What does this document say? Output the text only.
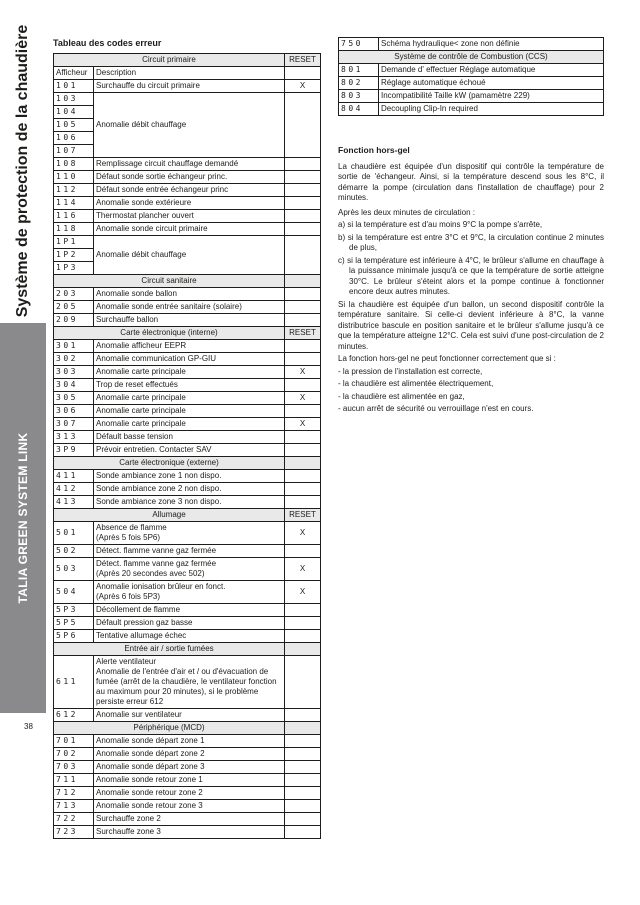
Système de protection de la chaudière
TALIA GREEN SYSTEM LINK
38
Tableau des codes erreur
Circuit primaire		RESET
Afficheur	Description	
101	Surchauffe du circuit primaire	X
103	Anomalie débit chauffage	
104		
105		
106		
107		
108	Remplissage circuit chauffage demandé	
110	Défaut sonde sortie échangeur princ.	
112	Défaut sonde entrée échangeur princ	
114	Anomalie sonde extérieure	
116	Thermostat plancher ouvert	
118	Anomalie sonde circuit primaire	
1P1	Anomalie débit chauffage	
1P2		
1P3		
Circuit sanitaire		
203	Anomalie sonde ballon	
205	Anomalie sonde entrée sanitaire (solaire)	
209	Surchauffe ballon	
Carte électronique (interne)		RESET
301	Anomalie afficheur EEPR	
302	Anomalie communication GP-GIU	
303	Anomalie carte principale	X
304	Trop de reset effectués	
305	Anomalie carte principale	X
306	Anomalie carte principale	
307	Anomalie carte principale	X
313	Défault basse tension	
3P9	Prévoir entretien. Contacter SAV	
Carte électronique (externe)		
411	Sonde ambiance zone 1 non dispo.	
412	Sonde ambiance zone 2 non dispo.	
413	Sonde ambiance zone 3 non dispo.	
Allumage		RESET
501	Absence de flamme
(Après 5 fois 5P6)	X
502	Détect. flamme vanne gaz fermée	
503	Détect. flamme vanne gaz fermée
(Après 20 secondes avec 502)	X
504	Anomalie ionisation brûleur en fonct.
(Après 6 fois 5P3)	X
5P3	Décollement de flamme	
5P5	Défault pression gaz basse	
5P6	Tentative allumage échec	
Entrée air / sortie fumées		
611	Alerte ventilateur
Anomalie de l'entrée d'air et / ou d'évacuation de fumée (arrêt de la chaudière, le ventilateur fonction au maximum pour 20 minutes), si le problème persiste erreur 612	
612	Anomalie sur ventilateur	
Périphérique (MCD)		
701	Anomalie sonde départ zone 1	
702	Anomalie sonde départ zone 2	
703	Anomalie sonde départ zone 3	
711	Anomalie sonde retour zone 1	
712	Anomalie sonde retour zone 2	
713	Anomalie sonde retour zone 3	
722	Surchauffe zone 2	
723	Surchauffe zone 3	
750	Schéma hydraulique< zone non définie
Système de contrôle de Combustion (CCS)	
801	Demande d' effectuer Réglage automatique
802	Réglage automatique échoué
803	Incompatibilité Taille kW (pamamètre 229)
804	Decoupling Clip-In required
Fonction hors-gel

La chaudière est équipée d'un dispositif qui contrôle la température de sortie de 'échangeur. Ainsi, si la température descend sous les 8°C, il démarre la pompe (circulation dans l'installation de chauffage) pour 2 minutes.

Après les deux minutes de circulation :

a) si la température est d'au moins 9°C la pompe s'arrête,

b) si la température est entre 3°C et 9°C, la circulation continue 2 minutes de plus,

c) si la température est inférieure à 4°C, le brûleur s'allume en chauffage à la puissance minimale jusqu'à ce que la température de sortie atteigne 30°C. Le brûleur s'éteint alors et la pompe continue à fonctionner encore deux autres minutes.

Si la chaudière est équipée d'un ballon, un second dispositif contrôle la température sanitaire. Si celle-ci devient inférieure à 8°C, la vanne distributrice bascule en position sanitaire et le brûleur s'allume jusqu'à ce que la température atteigne 12°C. Cela est suivi d'une post-circulation de 2 minutes.

La fonction hors-gel ne peut fonctionner correctement que si :

- la pression de l'installation est correcte,

- la chaudière est alimentée électriquement,

- la chaudière est alimentée en gaz,

- aucun arrêt de sécurité ou verrouillage n'est en cours.
